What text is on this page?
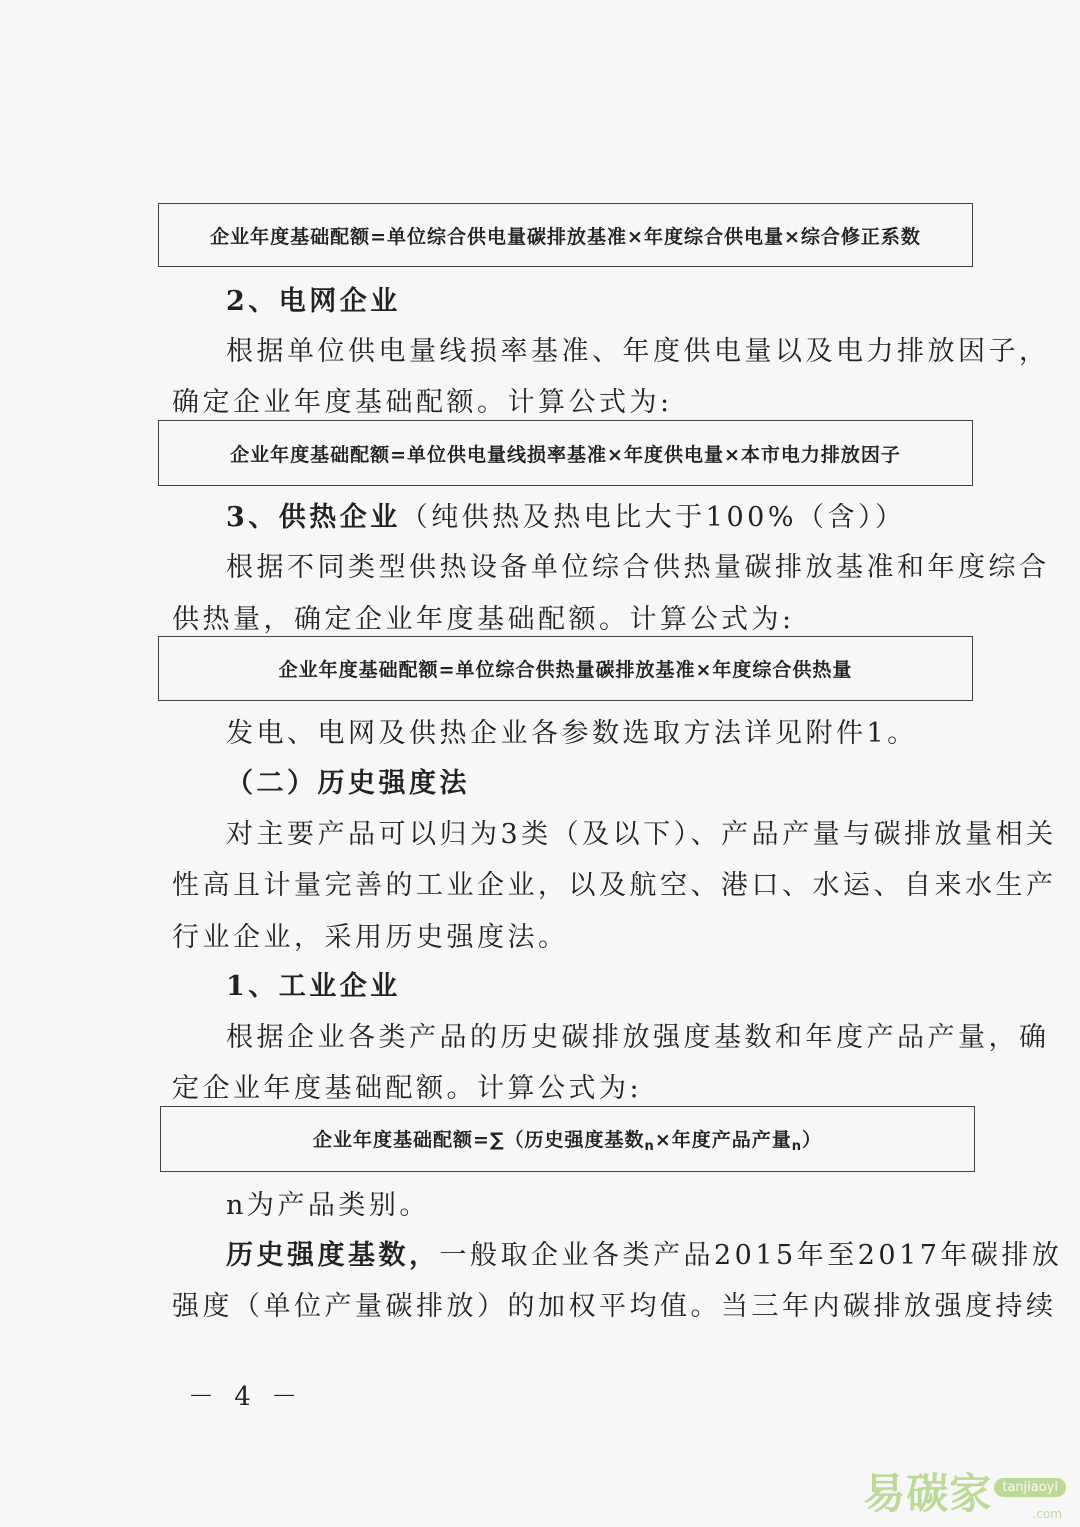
企业年度基础配额=单位综合供电量碳排放基准×年度综合供电量×综合修正系数
2、电网企业
根据单位供电量线损率基准、年度供电量以及电力排放因子，
确定企业年度基础配额。计算公式为:
企业年度基础配额=单位供电量线损率基准×年度供电量×本市电力排放因子
3、供热企业（纯供热及热电比大于100%（含））
根据不同类型供热设备单位综合供热量碳排放基准和年度综合
供热量，确定企业年度基础配额。计算公式为:
企业年度基础配额=单位综合供热量碳排放基准×年度综合供热量
发电、电网及供热企业各参数选取方法详见附件1。
（二）历史强度法
对主要产品可以归为3类（及以下）、产品产量与碳排放量相关
性高且计量完善的工业企业，以及航空、港口、水运、自来水生产
行业企业，采用历史强度法。
1、工业企业
根据企业各类产品的历史碳排放强度基数和年度产品产量，确
定企业年度基础配额。计算公式为:
企业年度基础配额=∑（历史强度基数$_n$×年度产品产量$_n$）
n为产品类别。
历史强度基数，一般取企业各类产品2015年至2017年碳排放
强度（单位产量碳排放）的加权平均值。当三年内碳排放强度持续
－ 4 －
易碳家 tanjiaoyi
.com
